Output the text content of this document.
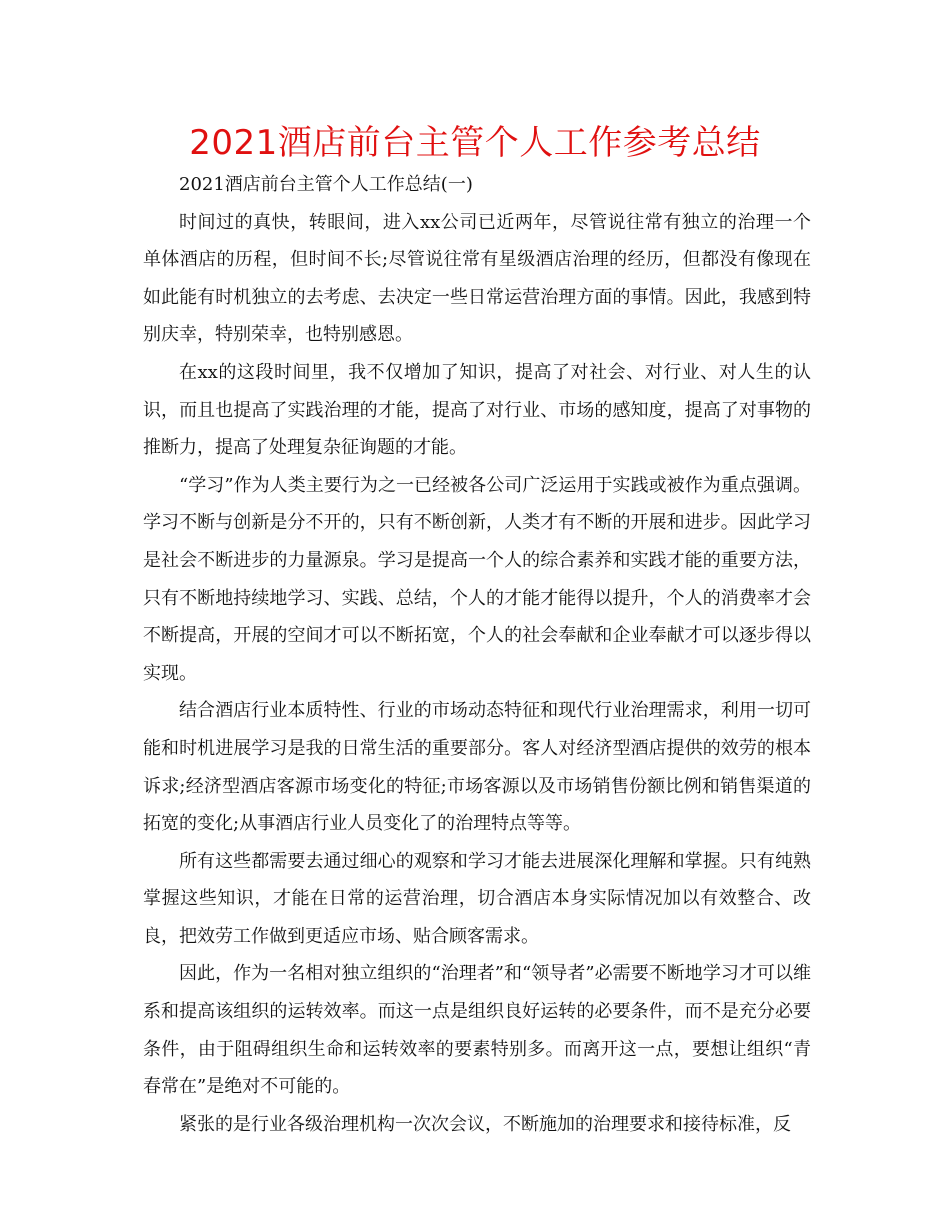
2021酒店前台主管个人工作参考总结

2021酒店前台主管个人工作总结(一)

时间过的真快，转眼间，进入xx公司已近两年，尽管说往常有独立的治理一个单体酒店的历程，但时间不长;尽管说往常有星级酒店治理的经历，但都没有像现在如此能有时机独立的去考虑、去决定一些日常运营治理方面的事情。因此，我感到特别庆幸，特别荣幸，也特别感恩。

在xx的这段时间里，我不仅增加了知识，提高了对社会、对行业、对人生的认识，而且也提高了实践治理的才能，提高了对行业、市场的感知度，提高了对事物的推断力，提高了处理复杂征询题的才能。

“学习”作为人类主要行为之一已经被各公司广泛运用于实践或被作为重点强调。学习不断与创新是分不开的，只有不断创新，人类才有不断的开展和进步。因此学习是社会不断进步的力量源泉。学习是提高一个人的综合素养和实践才能的重要方法，只有不断地持续地学习、实践、总结，个人的才能才能得以提升，个人的消费率才会不断提高，开展的空间才可以不断拓宽，个人的社会奉献和企业奉献才可以逐步得以实现。

结合酒店行业本质特性、行业的市场动态特征和现代行业治理需求，利用一切可能和时机进展学习是我的日常生活的重要部分。客人对经济型酒店提供的效劳的根本诉求;经济型酒店客源市场变化的特征;市场客源以及市场销售份额比例和销售渠道的拓宽的变化;从事酒店行业人员变化了的治理特点等等。

所有这些都需要去通过细心的观察和学习才能去进展深化理解和掌握。只有纯熟掌握这些知识，才能在日常的运营治理，切合酒店本身实际情况加以有效整合、改良，把效劳工作做到更适应市场、贴合顾客需求。

因此，作为一名相对独立组织的“治理者”和“领导者”必需要不断地学习才可以维系和提高该组织的运转效率。而这一点是组织良好运转的必要条件，而不是充分必要条件，由于阻碍组织生命和运转效率的要素特别多。而离开这一点，要想让组织“青春常在”是绝对不可能的。

紧张的是行业各级治理机构一次次会议，不断施加的治理要求和接待标准，反
